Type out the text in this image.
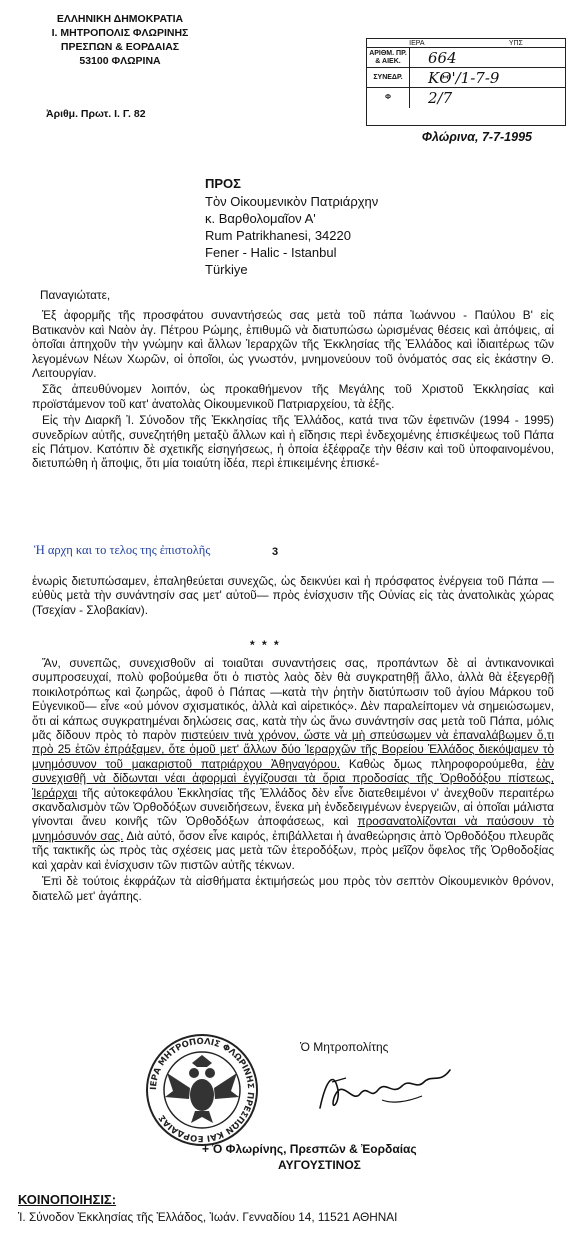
ΕΛΛΗΝΙΚΗ ΔΗΜΟΚΡΑΤΙΑ
Ι. ΜΗΤΡΟΠΟΛΙΣ ΦΛΩΡΙΝΗΣ
ΠΡΕΣΠΩΝ & ΕΟΡΔΑΙΑΣ
53100 ΦΛΩΡΙΝΑ
Ἀριθμ. Πρωτ. Ι. Γ. 82
ΙΕΡΑ	ΥΠΣ
ΑΡΙΘΜ. ΠΡ. & ΑΙΕΚ.	664
ΣΥΝΕΔΡ.	ΚΘ'/1-7-9
Φ	2/7
Φλώρινα, 7-7-1995
ΠΡΟΣ
Τὸν Οἰκουμενικὸν Πατριάρχην
κ. Βαρθολομαῖον Α'
Rum Patrikhanesi, 34220
Fener - Halic - Istanbul
Türkiye

Παναγιώτατε,

Ἐξ ἀφορμῆς τῆς προσφάτου συναντήσεώς σας μετὰ τοῦ πάπα Ἰωάννου - Παύλου Β' εἰς Βατικανὸν καὶ Ναὸν ἁγ. Πέτρου Ρώμης, ἐπιθυμῶ νὰ διατυπώσω ὡρισμένας θέσεις καὶ ἀπόψεις, αἱ ὁποῖαι ἀπηχοῦν τὴν γνώμην καὶ ἄλλων Ἱεραρχῶν τῆς Ἐκκλησίας τῆς Ἑλλάδος καὶ ἰδιαιτέρως τῶν λεγομένων Νέων Χωρῶν, οἱ ὁποῖοι, ὡς γνωστόν, μνημονεύουν τοῦ ὀνόματός σας εἰς ἑκάστην Θ. Λειτουργίαν.

Σᾶς ἀπευθύνομεν λοιπόν, ὡς προκαθήμενον τῆς Μεγάλης τοῦ Χριστοῦ Ἐκκλησίας καὶ προϊστάμενον τοῦ κατ' ἀνατολὰς Οἰκουμενικοῦ Πατριαρχείου, τὰ ἑξῆς.

Εἰς τὴν Διαρκῆ Ἱ. Σύνοδον τῆς Ἐκκλησίας τῆς Ἑλλάδος, κατά τινα τῶν ἐφετινῶν (1994 - 1995) συνεδρίων αὐτῆς, συνεζητήθη μεταξὺ ἄλλων καὶ ἡ εἴδησις περὶ ἐνδεχομένης ἐπισκέψεως τοῦ Πάπα εἰς Πάτμον. Κατόπιν δὲ σχετικῆς εἰσηγήσεως, ἡ ὁποία ἐξέφραζε τὴν θέσιν καὶ τοῦ ὑποφαινομένου, διετυπώθη ἡ ἄποψις, ὅτι μία τοιαύτη ἰδέα, περὶ ἐπικειμένης ἐπισκέ-

Ἡ αρχη και το τελος της ἐπιστολῆς	3

ἐνωρὶς διετυπώσαμεν, ἐπαληθεύεται συνεχῶς, ὡς δεικνύει καὶ ἡ πρόσφατος ἐνέργεια τοῦ Πάπα —εὐθὺς μετὰ τὴν συνάντησίν σας μετ' αὐτοῦ— πρὸς ἐνίσχυσιν τῆς Οὐνίας εἰς τὰς ἀνατολικὰς χώρας (Τσεχίαν - Σλοβακίαν).

* * *

Ἄν, συνεπῶς, συνεχισθοῦν αἱ τοιαῦται συναντήσεις σας, προπάντων δὲ αἱ ἀντικανονικαὶ συμπροσευχαί, πολὺ φοβούμεθα ὅτι ὁ πιστὸς λαὸς δὲν θὰ συγκρατηθῇ ἄλλο, ἀλλὰ θὰ ἐξεγερθῇ ποικιλοτρόπως καὶ ζωηρῶς, ἀφοῦ ὁ Πάπας —κατὰ τὴν ῥητὴν διατύπωσιν τοῦ ἁγίου Μάρκου τοῦ Εὐγενικοῦ— εἶνε «οὐ μόνον σχισματικός, ἀλλὰ καὶ αἱρετικός». Δὲν παραλείπομεν νὰ σημειώσωμεν, ὅτι αἱ κάπως συγκρατημέναι δηλώσεις σας, κατὰ τὴν ὡς ἄνω συνάντησίν σας μετὰ τοῦ Πάπα, μόλις μᾶς δίδουν πρὸς τὸ παρὸν πιστεύειν τινὰ χρόνον, ὥστε νὰ μὴ σπεύσωμεν νὰ ἐπαναλάβωμεν ὅ,τι πρὸ 25 ἐτῶν ἐπράξαμεν, ὅτε ὁμοῦ μετ' ἄλλων δύο Ἱεραρχῶν τῆς Βορείου Ἑλλάδος διεκόψαμεν τὸ μνημόσυνον τοῦ μακαριστοῦ πατριάρχου Ἀθηναγόρου. Καθὼς δμως πληροφορούμεθα, ἐὰν συνεχισθῇ νὰ δίδωνται νέαι ἀφορμαὶ ἐγγίζουσαι τὰ ὅρια προδοσίας τῆς Ὀρθοδόξου πίστεως, Ἱεράρχαι τῆς αὐτοκεφάλου Ἐκκλησίας τῆς Ἑλλάδος δὲν εἶνε διατεθειμένοι ν' ἀνεχθοῦν περαιτέρω σκανδαλισμὸν τῶν Ὀρθοδόξων συνειδήσεων, ἕνεκα μὴ ἐνδεδειγμένων ἐνεργειῶν, αἱ ὁποῖαι μάλιστα γίνονται ἄνευ κοινῆς τῶν Ὀρθοδόξων ἀποφάσεως, καὶ προσανατολίζονται νὰ παύσουν τὸ μνημόσυνόν σας. Διὰ αὐτό, ὅσον εἶνε καιρός, ἐπιβάλλεται ἡ ἀναθεώρησις ἀπὸ Ὀρθοδόξου πλευρᾶς τῆς τακτικῆς ὡς πρὸς τὰς σχέσεις μας μετὰ τῶν ἑτεροδόξων, πρὸς μεῖζον ὄφελος τῆς Ὀρθοδοξίας καὶ χαρὰν καὶ ἐνίσχυσιν τῶν πιστῶν αὐτῆς τέκνων.

Ἐπὶ δὲ τούτοις ἐκφράζων τὰ αἰσθήματα ἐκτιμήσεώς μου πρὸς τὸν σεπτὸν Οἰκουμενικὸν θρόνον, διατελῶ μετ' ἀγάπης.

ΙΕΡΑ ΜΗΤΡΟΠΟΛΙΣ ΦΛΩΡΙΝΗΣ ΠΡΕΣΠΩΝ ΚΑΙ ΕΟΡΔΑΙΑΣ
Ὁ Μητροπολίτης
+ Ὁ Φλωρίνης, Πρεσπῶν & Ἐορδαίας
ΑΥΓΟΥΣΤΙΝΟΣ
ΚΟΙΝΟΠΟΙΗΣΙΣ:
Ἱ. Σύνοδον Ἐκκλησίας τῆς Ἑλλάδος, Ἰωάν. Γενναδίου 14, 11521 ΑΘΗΝΑΙ
